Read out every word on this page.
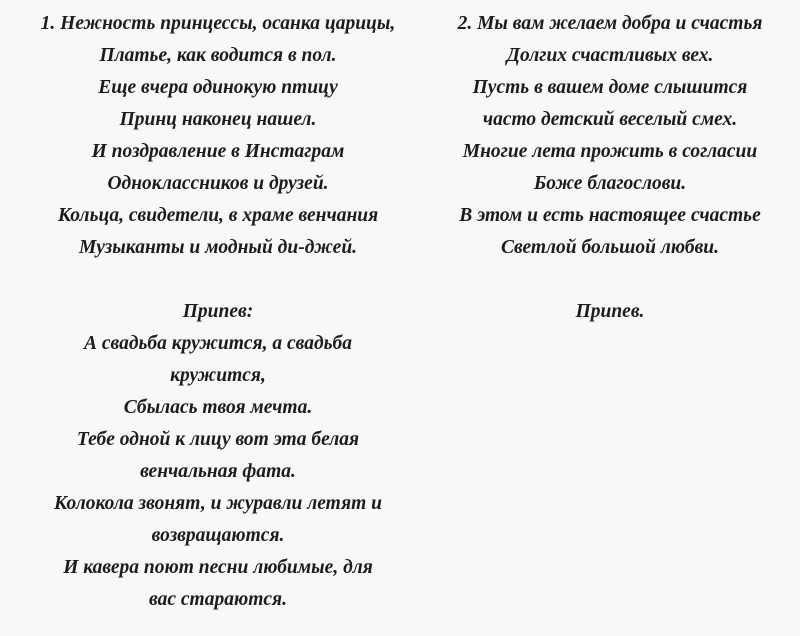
1. Нежность принцессы, осанка царицы,
Платье, как водится в пол.
Еще вчера одинокую птицу
Принц наконец нашел.
И поздравление в Инстаграм
Одноклассников и друзей.
Кольца, свидетели, в храме венчания
Музыканты и модный ди-джей.
Припев:
А свадьба кружится, а свадьба
кружится,
Сбылась твоя мечта.
Тебе одной к лицу вот эта белая
венчальная фата.
Колокола звонят, и журавли летят и
возвращаются.
И кавера поют песни любимые, для
вас стараются.
2. Мы вам желаем добра и счастья
Долгих счастливых вех.
Пусть в вашем доме слышится
часто детский веселый смех.
Многие лета прожить в согласии
Боже благослови.
В этом и есть настоящее счастье
Светлой большой любви.
Припев.
